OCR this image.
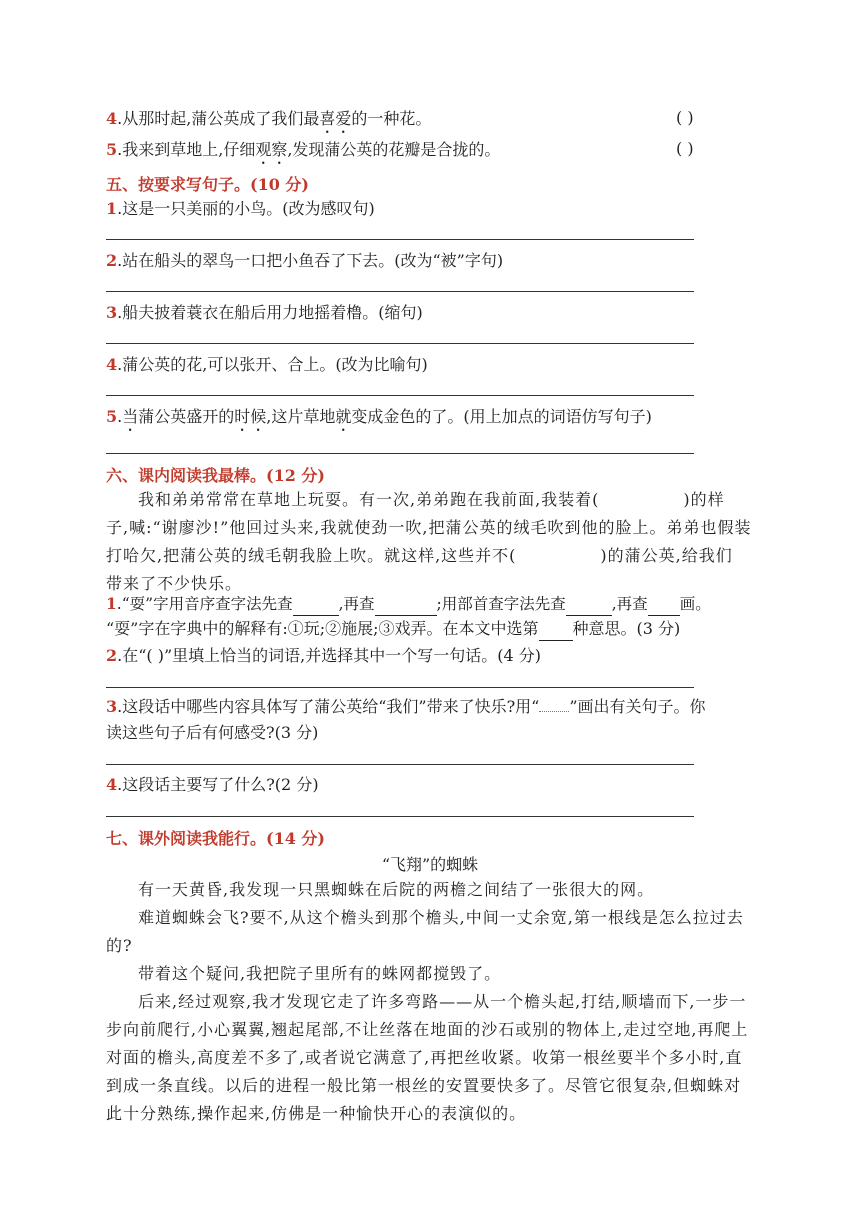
4.从那时起,蒲公英成了我们最喜爱的一种花。	( )
5.我来到草地上,仔细观察,发现蒲公英的花瓣是合拢的。	( )
五、按要求写句子。(10 分)
1.这是一只美丽的小鸟。(改为感叹句)
2.站在船头的翠鸟一口把小鱼吞了下去。(改为“被”字句)
3.船夫披着蓑衣在船后用力地摇着橹。(缩句)
4.蒲公英的花,可以张开、合上。(改为比喻句)
5.当蒲公英盛开的时候,这片草地就变成金色的了。(用上加点的词语仿写句子)
六、课内阅读我最棒。(12 分)
我和弟弟常常在草地上玩耍。有一次,弟弟跑在我前面,我装着(	)的样
子,喊:“谢廖沙!”他回过头来,我就使劲一吹,把蒲公英的绒毛吹到他的脸上。弟弟也假装
打哈欠,把蒲公英的绒毛朝我脸上吹。就这样,这些并不(	)的蒲公英,给我们
带来了不少快乐。
1.“耍”字用音序查字法先查	,再查	;用部首查字法先查	,再查 画。
“耍”字在字典中的解释有:①玩;②施展;③戏弄。在本文中选第 种意思。(3 分)
2.在“( )”里填上恰当的词语,并选择其中一个写一句话。(4 分)
3.这段话中哪些内容具体写了蒲公英给“我们”带来了快乐?用“ ”画出有关句子。你
读这些句子后有何感受?(3 分)
4.这段话主要写了什么?(2 分)
七、课外阅读我能行。(14 分)
“飞翔”的蜘蛛
有一天黄昏,我发现一只黑蜘蛛在后院的两檐之间结了一张很大的网。
难道蜘蛛会飞?要不,从这个檐头到那个檐头,中间一丈余宽,第一根线是怎么拉过去
的?
带着这个疑问,我把院子里所有的蛛网都搅毁了。
后来,经过观察,我才发现它走了许多弯路——从一个檐头起,打结,顺墙而下,一步一
步向前爬行,小心翼翼,翘起尾部,不让丝落在地面的沙石或别的物体上,走过空地,再爬上
对面的檐头,高度差不多了,或者说它满意了,再把丝收紧。收第一根丝要半个多小时,直
到成一条直线。以后的进程一般比第一根丝的安置要快多了。尽管它很复杂,但蜘蛛对
此十分熟练,操作起来,仿佛是一种愉快开心的表演似的。
